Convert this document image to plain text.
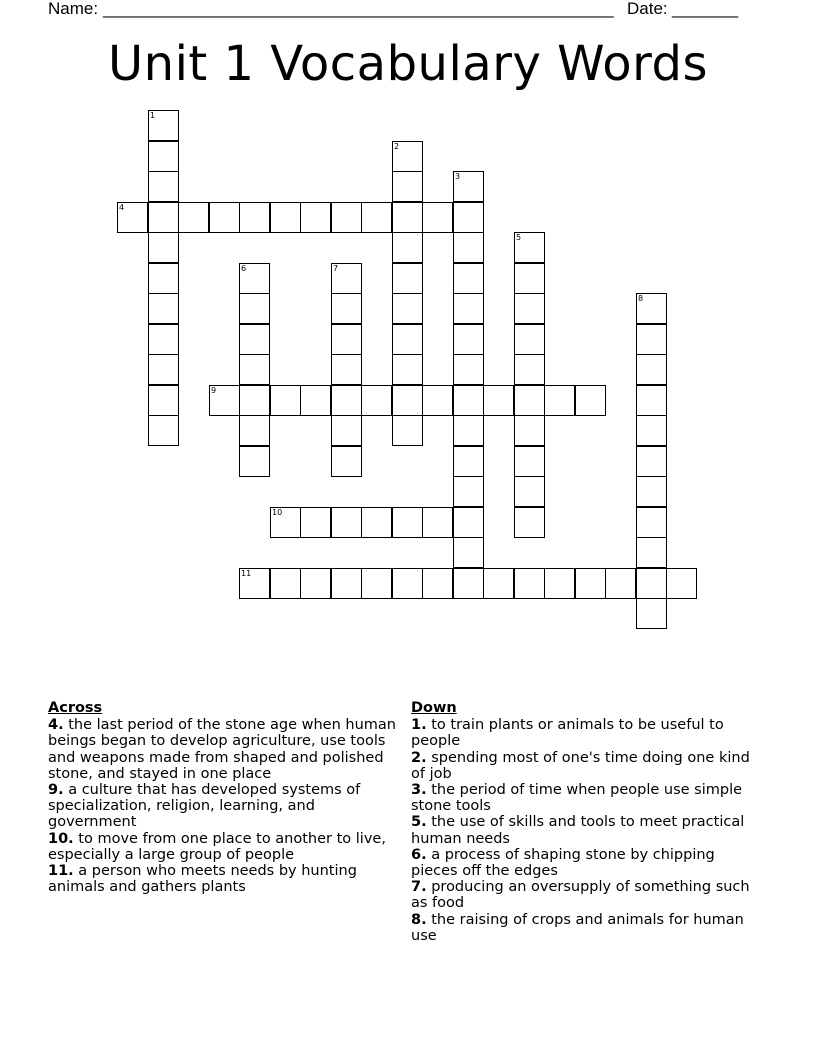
Name: ______________________________________________________ Date: _______
Unit 1 Vocabulary Words
1
2
3
4
5
6	7
8
9
10
11
Across
4. the last period of the stone age when human beings began to develop agriculture, use tools and weapons made from shaped and polished stone, and stayed in one place
9. a culture that has developed systems of specialization, religion, learning, and government
10. to move from one place to another to live, especially a large group of people
11. a person who meets needs by hunting animals and gathers plants
Down
1. to train plants or animals to be useful to people
2. spending most of one's time doing one kind of job
3. the period of time when people use simple stone tools
5. the use of skills and tools to meet practical human needs
6. a process of shaping stone by chipping pieces off the edges
7. producing an oversupply of something such as food
8. the raising of crops and animals for human use
